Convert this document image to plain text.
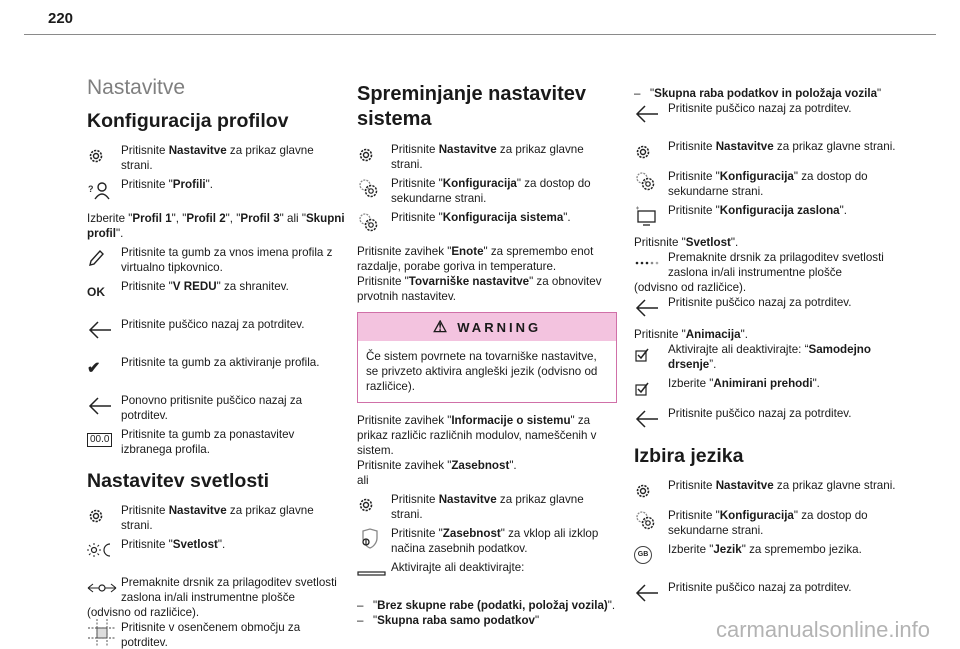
220
Nastavitve
Konfiguracija profilov
Pritisnite Nastavitve za prikaz glavne strani.
? Pritisnite "Profili".
Izberite "Profil 1", "Profil 2", "Profil 3" ali "Skupni profil".
Pritisnite ta gumb za vnos imena profila z virtualno tipkovnico.
OK	Pritisnite "V REDU" za shranitev.
Pritisnite puščico nazaj za potrditev.
✔	Pritisnite ta gumb za aktiviranje profila.
Ponovno pritisnite puščico nazaj za potrditev.
00.0 Pritisnite ta gumb za ponastavitev izbranega profila.
Nastavitev svetlosti
Pritisnite Nastavitve za prikaz glavne strani.
Pritisnite "Svetlost".
Premaknite drsnik za prilagoditev svetlosti zaslona in/ali instrumentne plošče
(odvisno od različice).
Pritisnite v osenčenem območju za potrditev.
Spreminjanje nastavitev sistema
Pritisnite Nastavitve za prikaz glavne strani.
Pritisnite "Konfiguracija" za dostop do sekundarne strani.
Pritisnite "Konfiguracija sistema".
Pritisnite zavihek "Enote" za spremembo enot razdalje, porabe goriva in temperature.
Pritisnite "Tovarniške nastavitve" za obnovitev prvotnih nastavitev.
⚠ WARNING
Če sistem povrnete na tovarniške nastavitve, se privzeto aktivira angleški jezik (odvisno od različice).
Pritisnite zavihek "Informacije o sistemu" za prikaz različic različnih modulov, nameščenih v sistem.
Pritisnite zavihek "Zasebnost".
ali
Pritisnite Nastavitve za prikaz glavne strani.
Pritisnite "Zasebnost" za vklop ali izklop načina zasebnih podatkov.
Aktivirajte ali deaktivirajte:
– "Brez skupne rabe (podatki, položaj vozila)".
– "Skupna raba samo podatkov"
– "Skupna raba podatkov in položaja vozila"
Pritisnite puščico nazaj za potrditev.
Pritisnite Nastavitve za prikaz glavne strani.
Pritisnite "Konfiguracija" za dostop do sekundarne strani.
Pritisnite "Konfiguracija zaslona".
Pritisnite "Svetlost".
Premaknite drsnik za prilagoditev svetlosti zaslona in/ali instrumentne plošče
(odvisno od različice).
Pritisnite puščico nazaj za potrditev.
Pritisnite "Animacija".
Aktivirajte ali deaktivirajte: “Samodejno drsenje”.
Izberite "Animirani prehodi".
Pritisnite puščico nazaj za potrditev.
Izbira jezika
Pritisnite Nastavitve za prikaz glavne strani.
Pritisnite "Konfiguracija" za dostop do sekundarne strani.
GB	Izberite "Jezik" za spremembo jezika.
Pritisnite puščico nazaj za potrditev.
carmanualsonline.info
